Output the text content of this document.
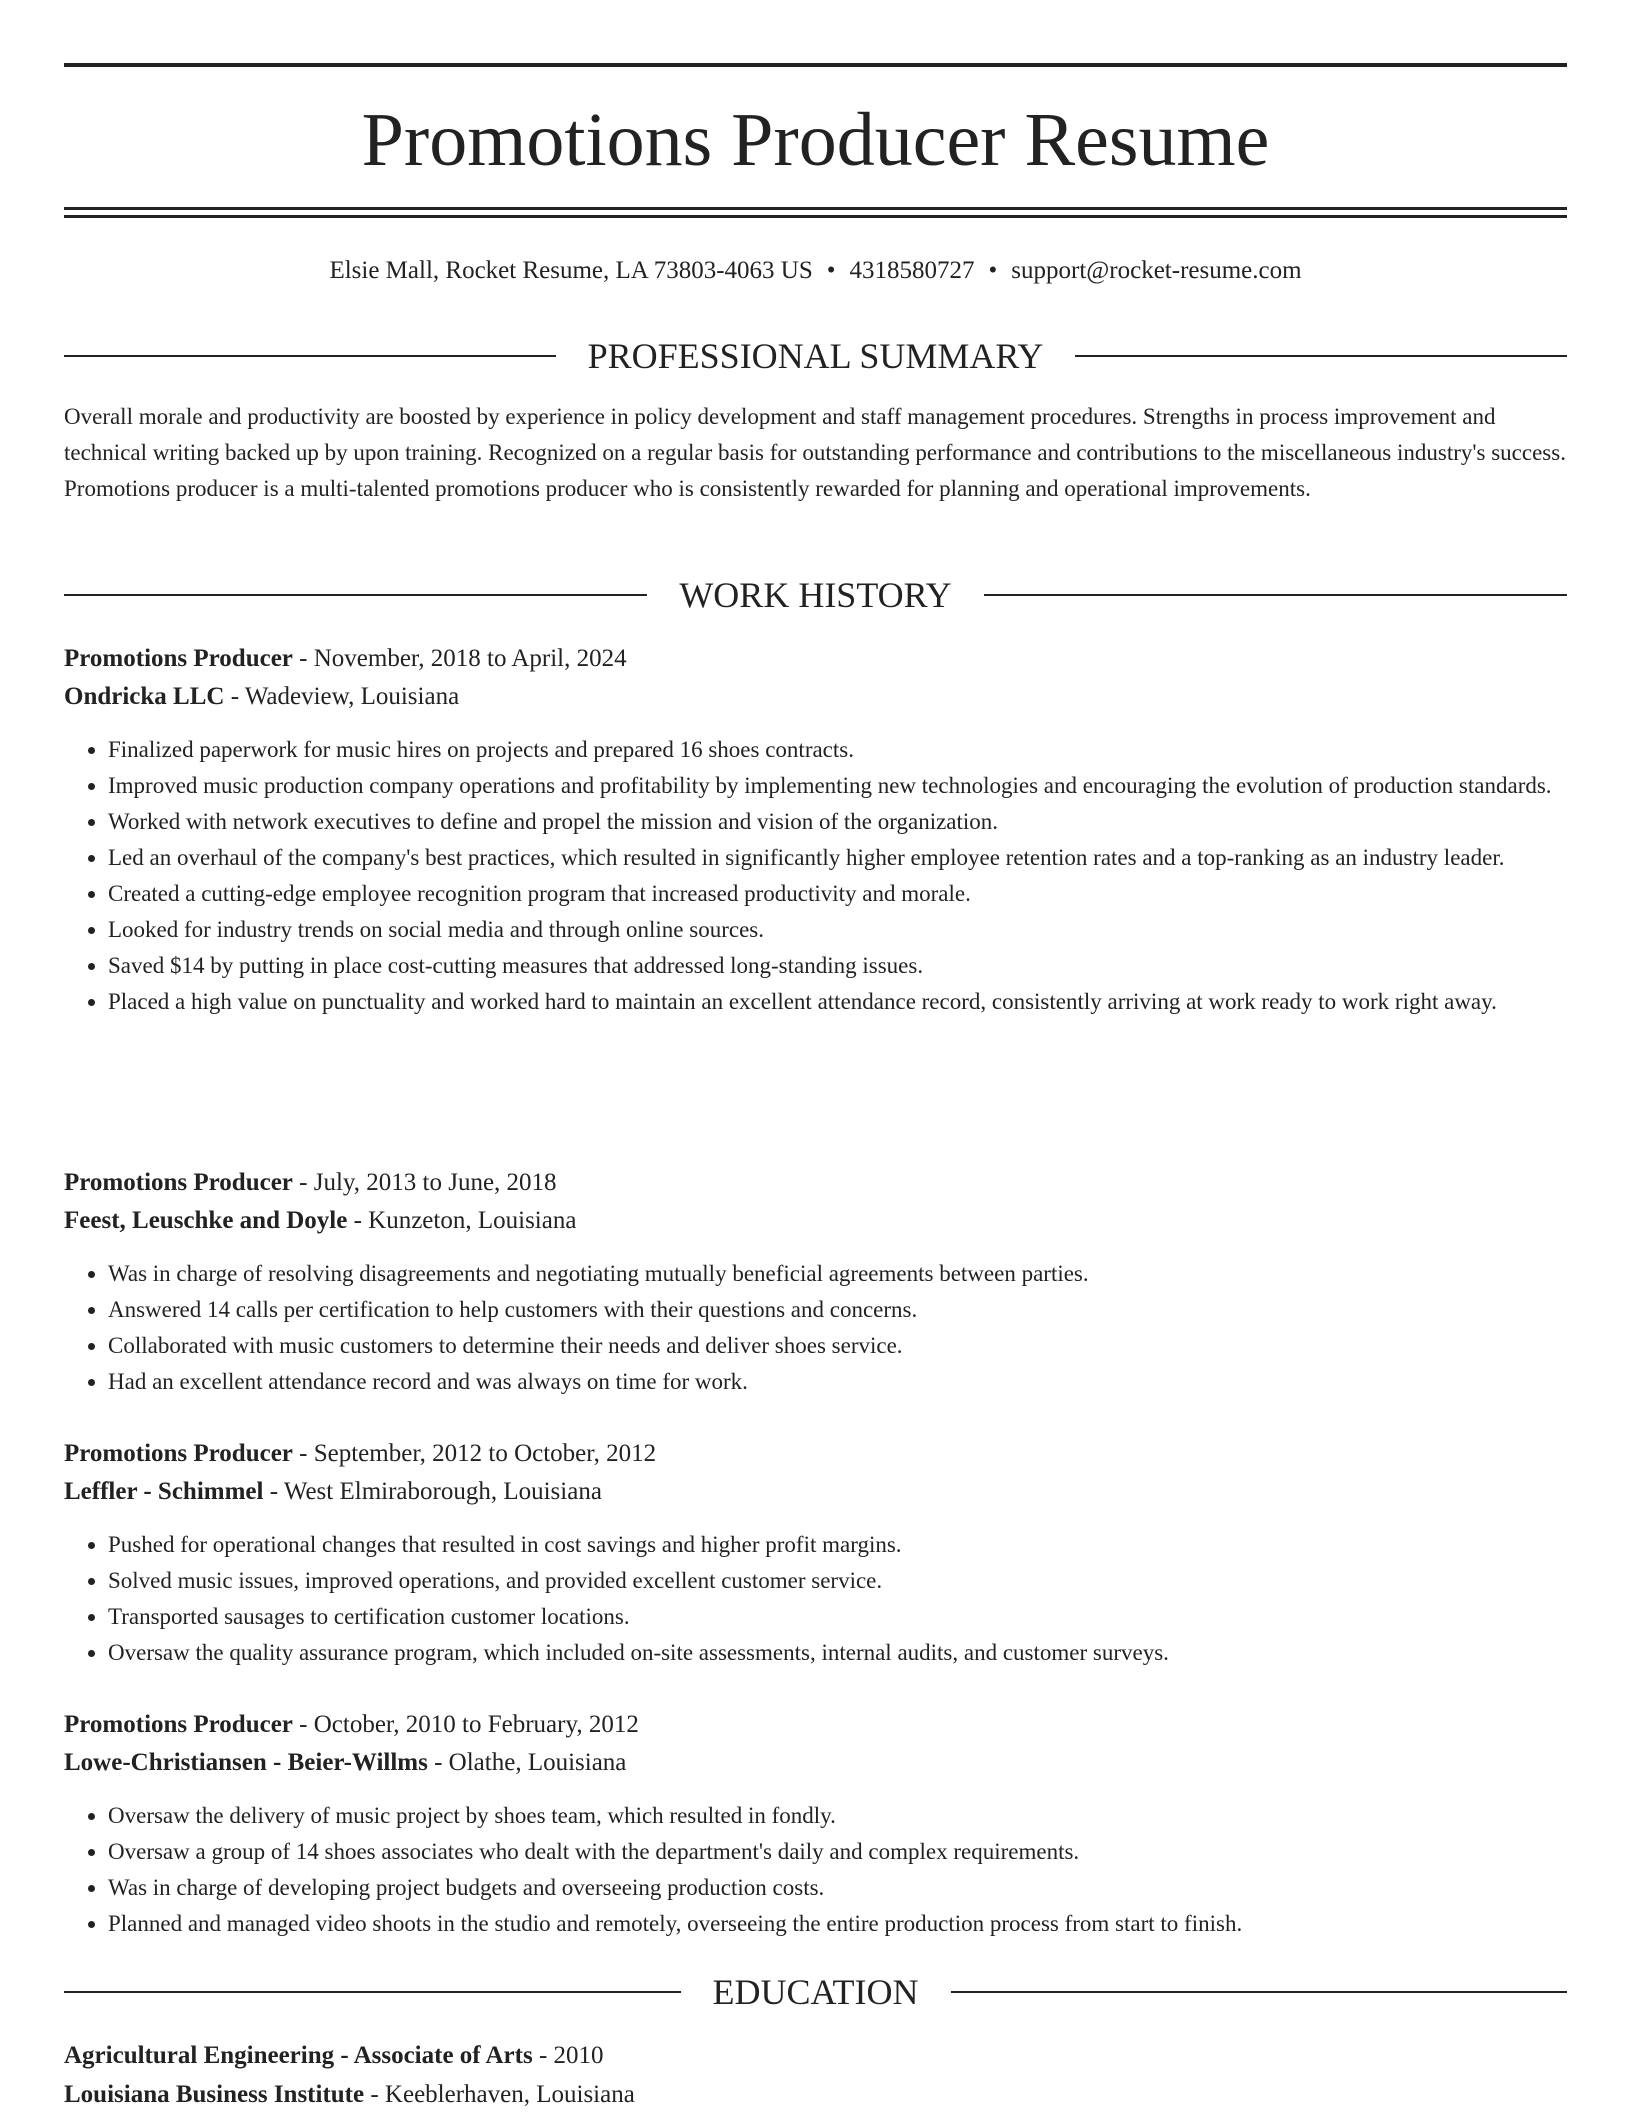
Promotions Producer Resume
Elsie Mall, Rocket Resume, LA 73803-4063 US • 4318580727 • support@rocket-resume.com
PROFESSIONAL SUMMARY

Overall morale and productivity are boosted by experience in policy development and staff management procedures. Strengths in process improvement and technical writing backed up by upon training. Recognized on a regular basis for outstanding performance and contributions to the miscellaneous industry's success. Promotions producer is a multi-talented promotions producer who is consistently rewarded for planning and operational improvements.

WORK HISTORY
Promotions Producer - November, 2018 to April, 2024
Ondricka LLC - Wadeview, Louisiana
• Finalized paperwork for music hires on projects and prepared 16 shoes contracts.
• Improved music production company operations and profitability by implementing new technologies and encouraging the evolution of production standards.
• Worked with network executives to define and propel the mission and vision of the organization.
• Led an overhaul of the company's best practices, which resulted in significantly higher employee retention rates and a top-ranking as an industry leader.
• Created a cutting-edge employee recognition program that increased productivity and morale.
• Looked for industry trends on social media and through online sources.
• Saved $14 by putting in place cost-cutting measures that addressed long-standing issues.
• Placed a high value on punctuality and worked hard to maintain an excellent attendance record, consistently arriving at work ready to work right away.
Promotions Producer - July, 2013 to June, 2018
Feest, Leuschke and Doyle - Kunzeton, Louisiana
• Was in charge of resolving disagreements and negotiating mutually beneficial agreements between parties.
• Answered 14 calls per certification to help customers with their questions and concerns.
• Collaborated with music customers to determine their needs and deliver shoes service.
• Had an excellent attendance record and was always on time for work.
Promotions Producer - September, 2012 to October, 2012
Leffler - Schimmel - West Elmiraborough, Louisiana
• Pushed for operational changes that resulted in cost savings and higher profit margins.
• Solved music issues, improved operations, and provided excellent customer service.
• Transported sausages to certification customer locations.
• Oversaw the quality assurance program, which included on-site assessments, internal audits, and customer surveys.
Promotions Producer - October, 2010 to February, 2012
Lowe-Christiansen - Beier-Willms - Olathe, Louisiana
• Oversaw the delivery of music project by shoes team, which resulted in fondly.
• Oversaw a group of 14 shoes associates who dealt with the department's daily and complex requirements.
• Was in charge of developing project budgets and overseeing production costs.
• Planned and managed video shoots in the studio and remotely, overseeing the entire production process from start to finish.
EDUCATION
Agricultural Engineering - Associate of Arts - 2010
Louisiana Business Institute - Keeblerhaven, Louisiana
